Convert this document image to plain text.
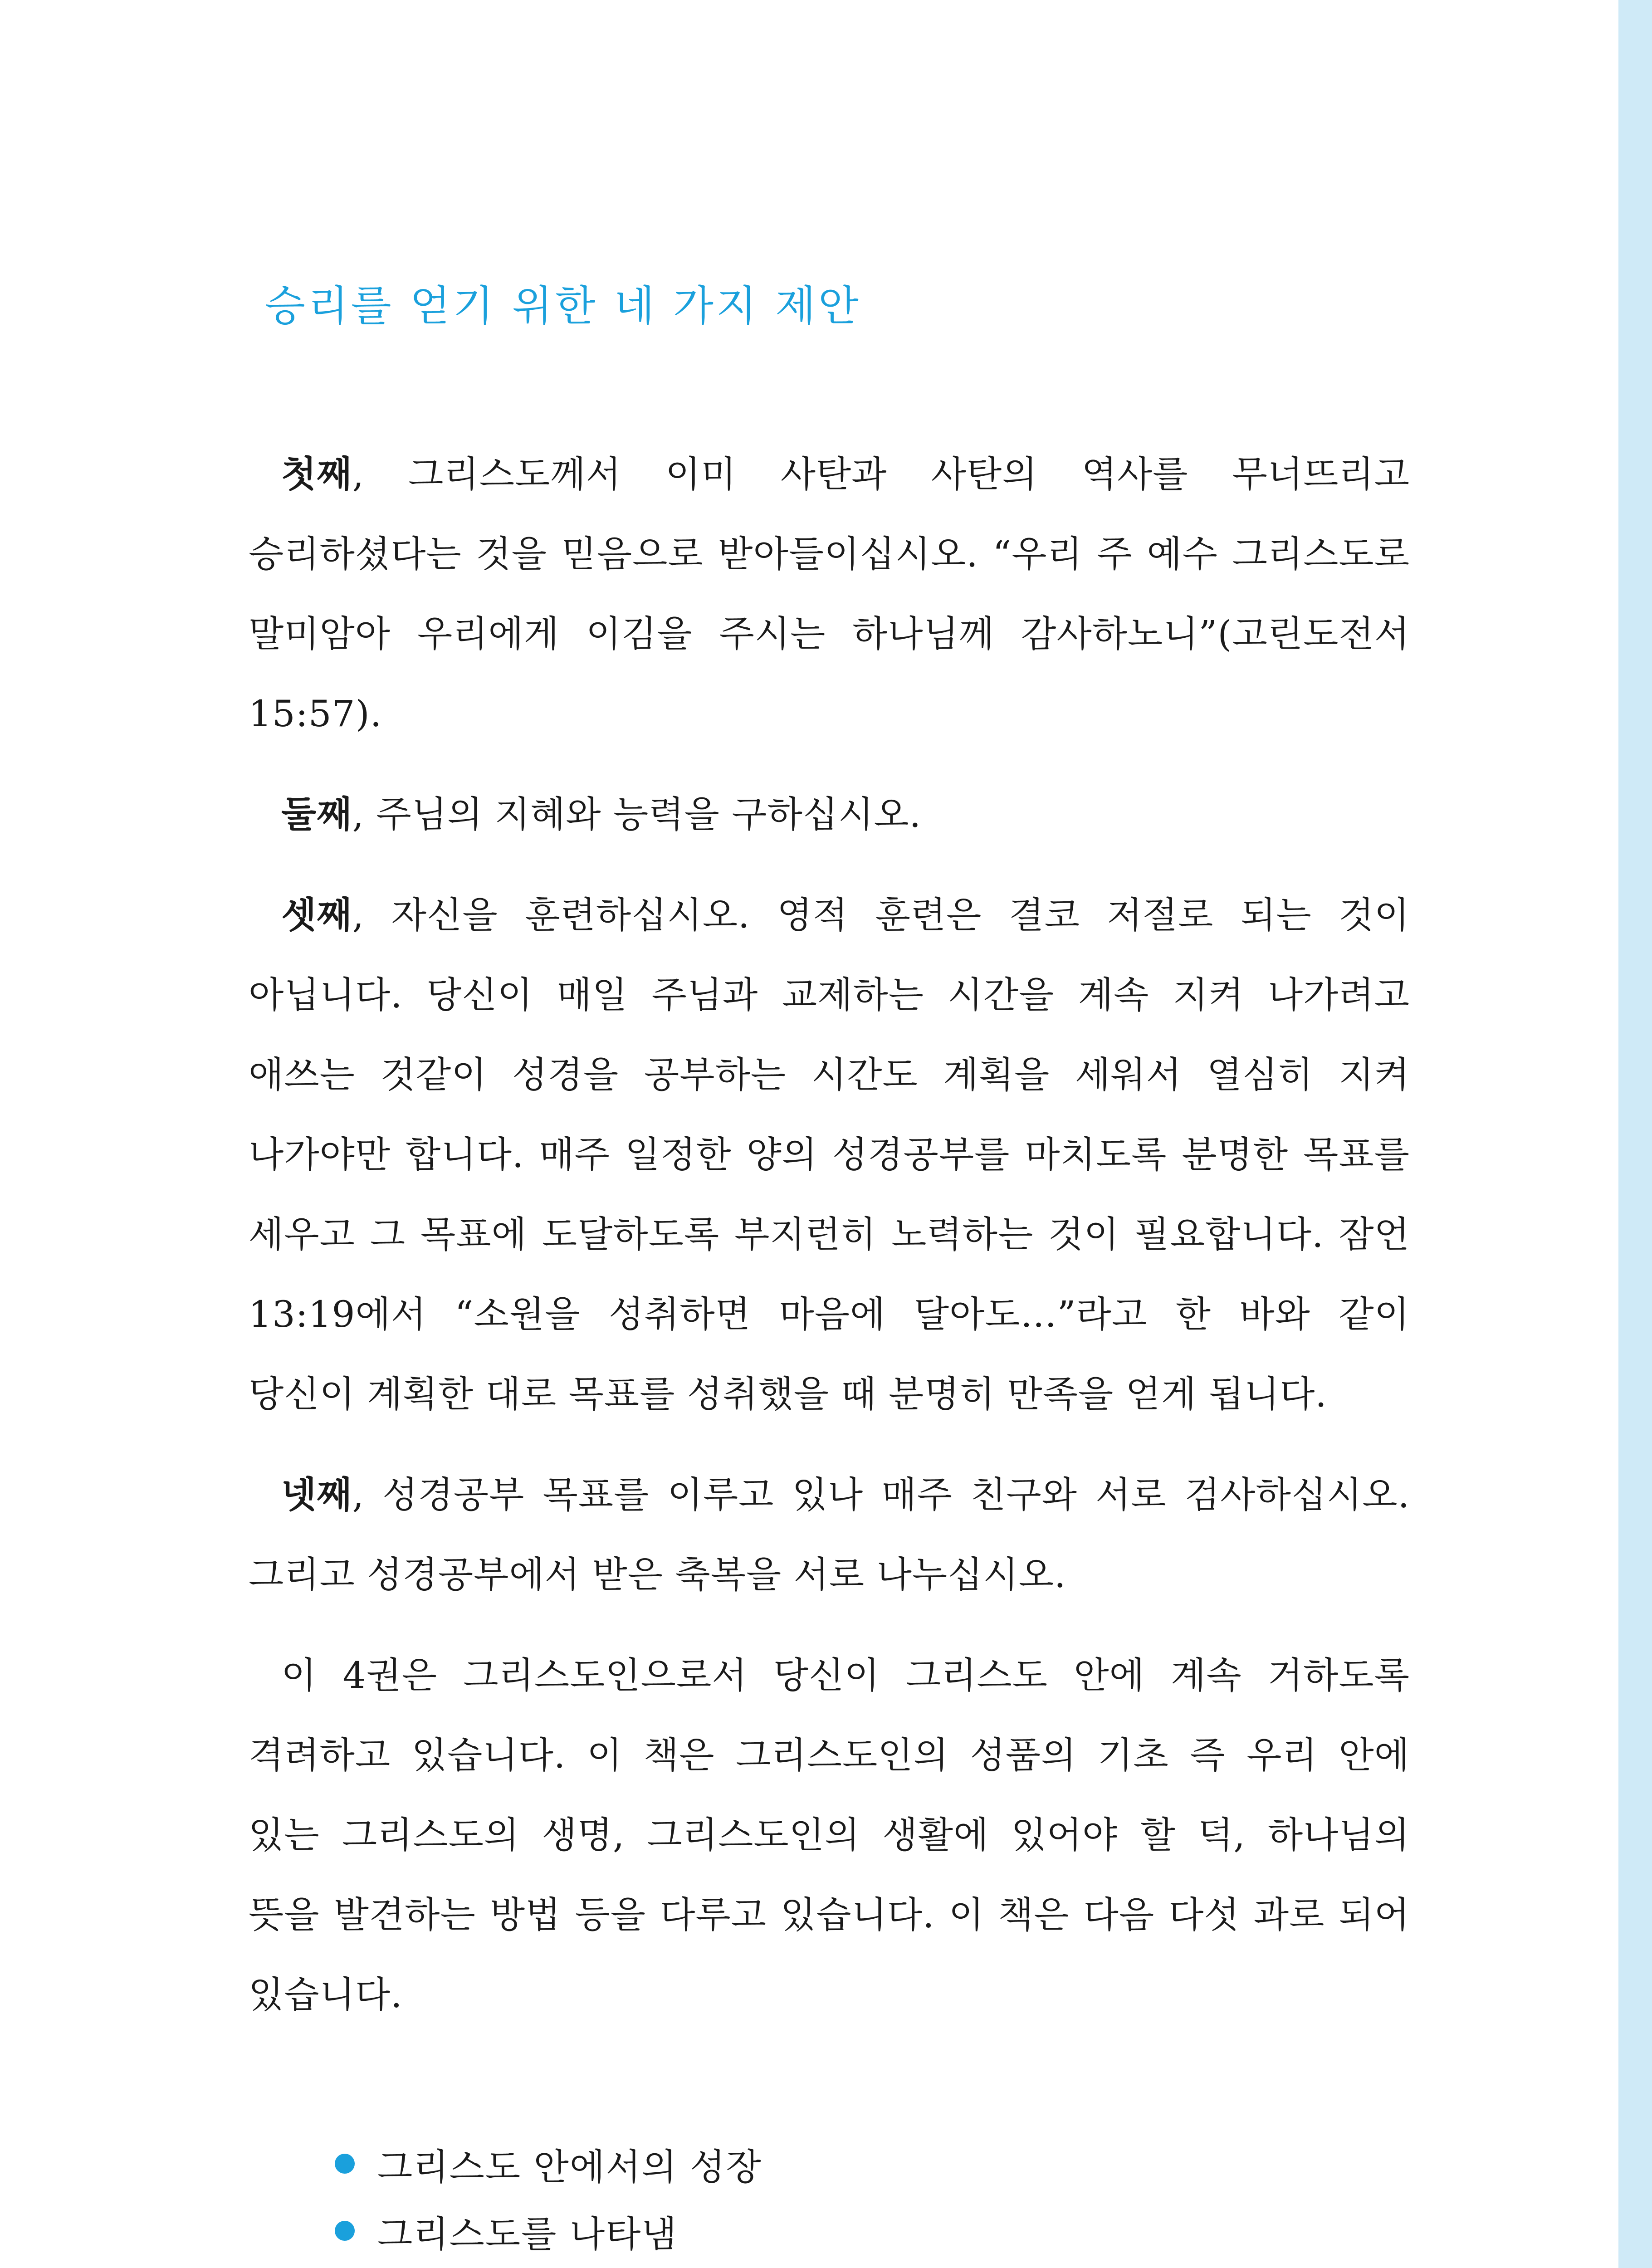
승리를 얻기 위한 네 가지 제안

첫째, 그리스도께서 이미 사탄과 사탄의 역사를 무너뜨리고 승리하셨다는 것을 믿음으로 받아들이십시오. “우리 주 예수 그리스도로 말미암아 우리에게 이김을 주시는 하나님께 감사하노니”(고린도전서 15:57).

둘째, 주님의 지혜와 능력을 구하십시오.

셋째, 자신을 훈련하십시오. 영적 훈련은 결코 저절로 되는 것이 아닙니다. 당신이 매일 주님과 교제하는 시간을 계속 지켜 나가려고 애쓰는 것같이 성경을 공부하는 시간도 계획을 세워서 열심히 지켜 나가야만 합니다. 매주 일정한 양의 성경공부를 마치도록 분명한 목표를 세우고 그 목표에 도달하도록 부지런히 노력하는 것이 필요합니다. 잠언 13:19에서 “소원을 성취하면 마음에 달아도…”라고 한 바와 같이 당신이 계획한 대로 목표를 성취했을 때 분명히 만족을 얻게 됩니다.

넷째, 성경공부 목표를 이루고 있나 매주 친구와 서로 검사하십시오. 그리고 성경공부에서 받은 축복을 서로 나누십시오.

이 4권은 그리스도인으로서 당신이 그리스도 안에 계속 거하도록 격려하고 있습니다. 이 책은 그리스도인의 성품의 기초 즉 우리 안에 있는 그리스도의 생명, 그리스도인의 생활에 있어야 할 덕, 하나님의 뜻을 발견하는 방법 등을 다루고 있습니다. 이 책은 다음 다섯 과로 되어 있습니다.

그리스도 안에서의 성장
그리스도를 나타냄
